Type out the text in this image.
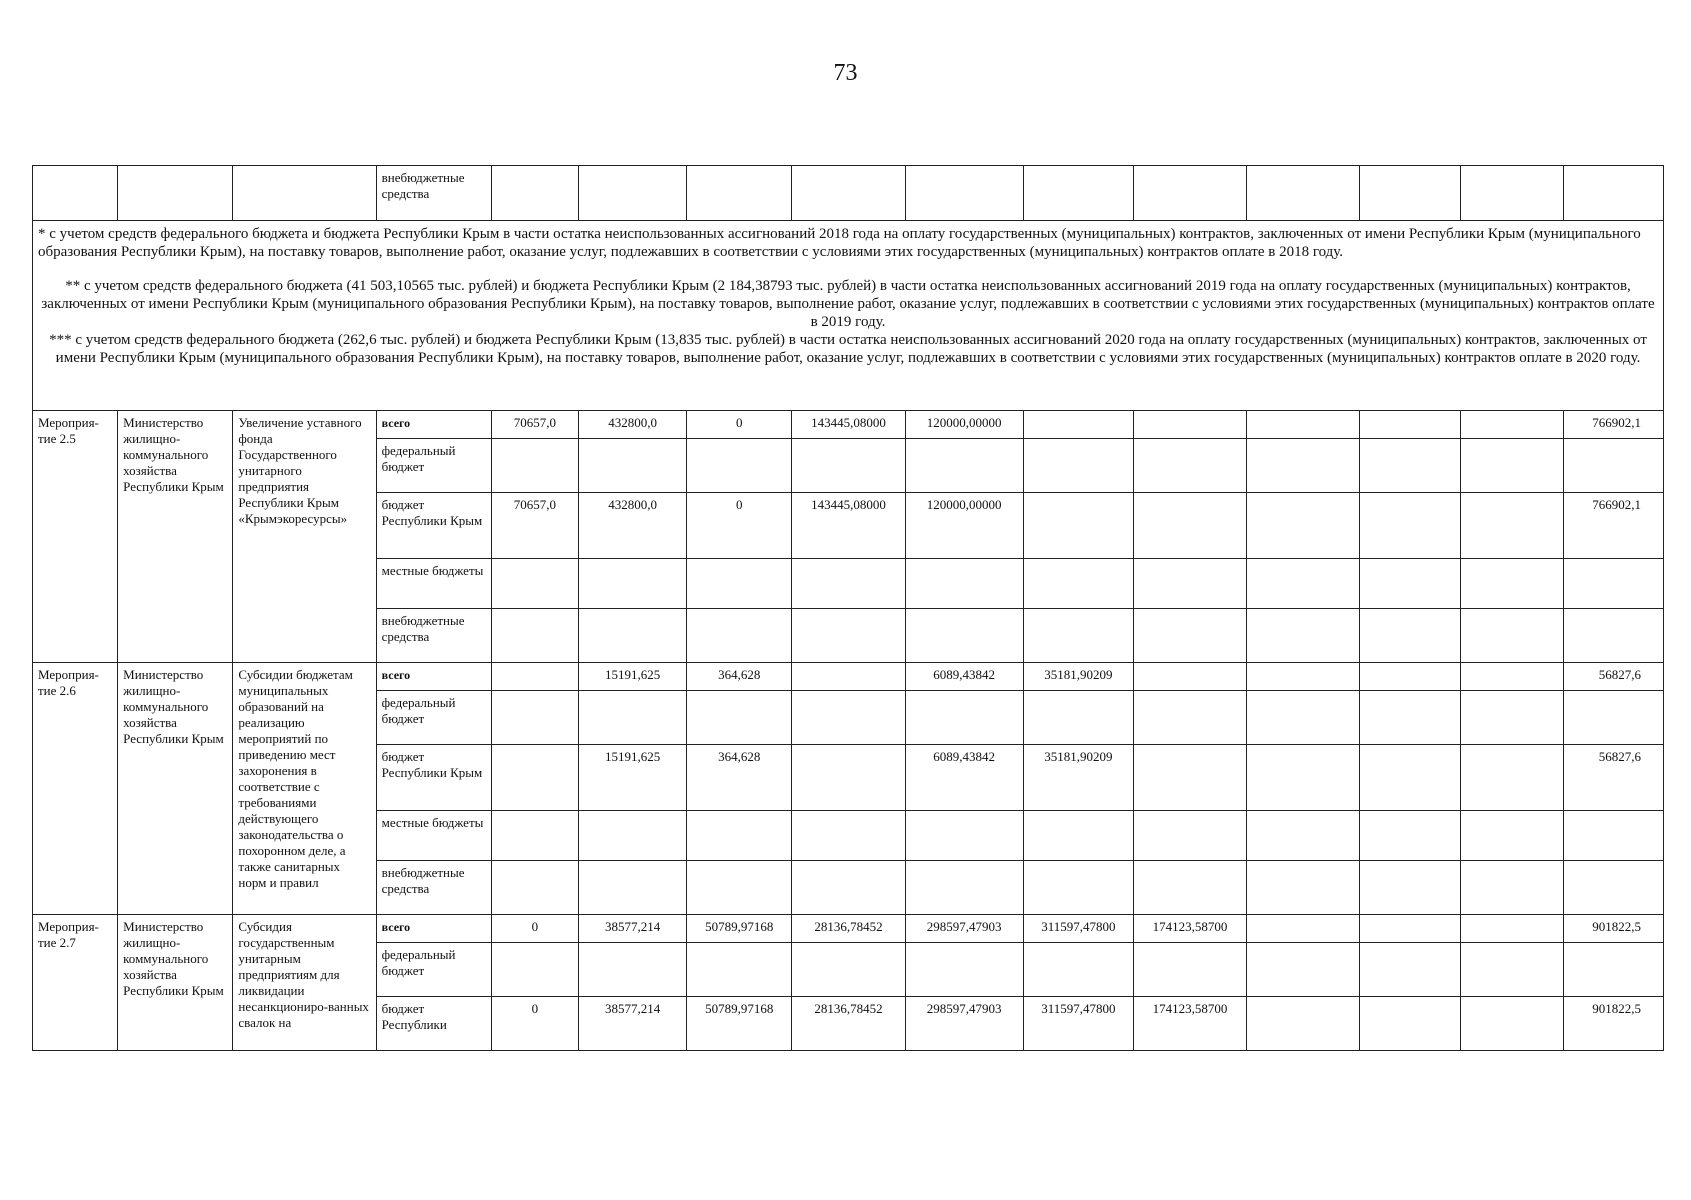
73
			внебюджетные средства											

* с учетом средств федерального бюджета и бюджета Республики Крым в части остатка неиспользованных ассигнований 2018 года на оплату государственных (муниципальных) контрактов, заключенных от имени Республики Крым (муниципального образования Республики Крым), на поставку товаров, выполнение работ, оказание услуг, подлежавших в соответствии с условиями этих государственных (муниципальных) контрактов оплате в 2018 году.

** с учетом средств федерального бюджета (41 503,10565 тыс. рублей) и бюджета Республики Крым (2 184,38793 тыс. рублей) в части остатка неиспользованных ассигнований 2019 года на оплату государственных (муниципальных) контрактов, заключенных от имени Республики Крым (муниципального образования Республики Крым), на поставку товаров, выполнение работ, оказание услуг, подлежавших в соответствии с условиями этих государственных (муниципальных) контрактов оплате в 2019 году.

*** с учетом средств федерального бюджета (262,6 тыс. рублей) и бюджета Республики Крым (13,835 тыс. рублей) в части остатка неиспользованных ассигнований 2020 года на оплату государственных (муниципальных) контрактов, заключенных от имени Республики Крым (муниципального образования Республики Крым), на поставку товаров, выполнение работ, оказание услуг, подлежавших в соответствии с условиями этих государственных (муниципальных) контрактов оплате в 2020 году.														

Мероприя-тие 2.5	Министерство жилищно-коммунального хозяйства Республики Крым	Увеличение уставного фонда Государственного унитарного предприятия Республики Крым «Крымэкоресурсы»	всего	70657,0	432800,0	0	143445,08000	120000,00000						766902,1
			федеральный бюджет											
			бюджет Республики Крым	70657,0	432800,0	0	143445,08000	120000,00000						766902,1
			местные бюджеты											
			внебюджетные средства											
Мероприя-тие 2.6	Министерство жилищно-коммунального хозяйства Республики Крым	Субсидии бюджетам муниципальных образований на реализацию мероприятий по приведению мест захоронения в соответствие с требованиями действующего законодательства о похоронном деле, а также санитарных норм и правил	всего		15191,625	364,628		6089,43842	35181,90209					56827,6
			федеральный бюджет											
			бюджет Республики Крым		15191,625	364,628		6089,43842	35181,90209					56827,6
			местные бюджеты											
			внебюджетные средства											
Мероприя-тие 2.7	Министерство жилищно-коммунального хозяйства Республики Крым	Субсидия государственным унитарным предприятиям для ликвидации несанкциониро-ванных свалок на	всего	0	38577,214	50789,97168	28136,78452	298597,47903	311597,47800	174123,58700				901822,5
			федеральный бюджет											
			бюджет Республики	0	38577,214	50789,97168	28136,78452	298597,47903	311597,47800	174123,58700				901822,5
